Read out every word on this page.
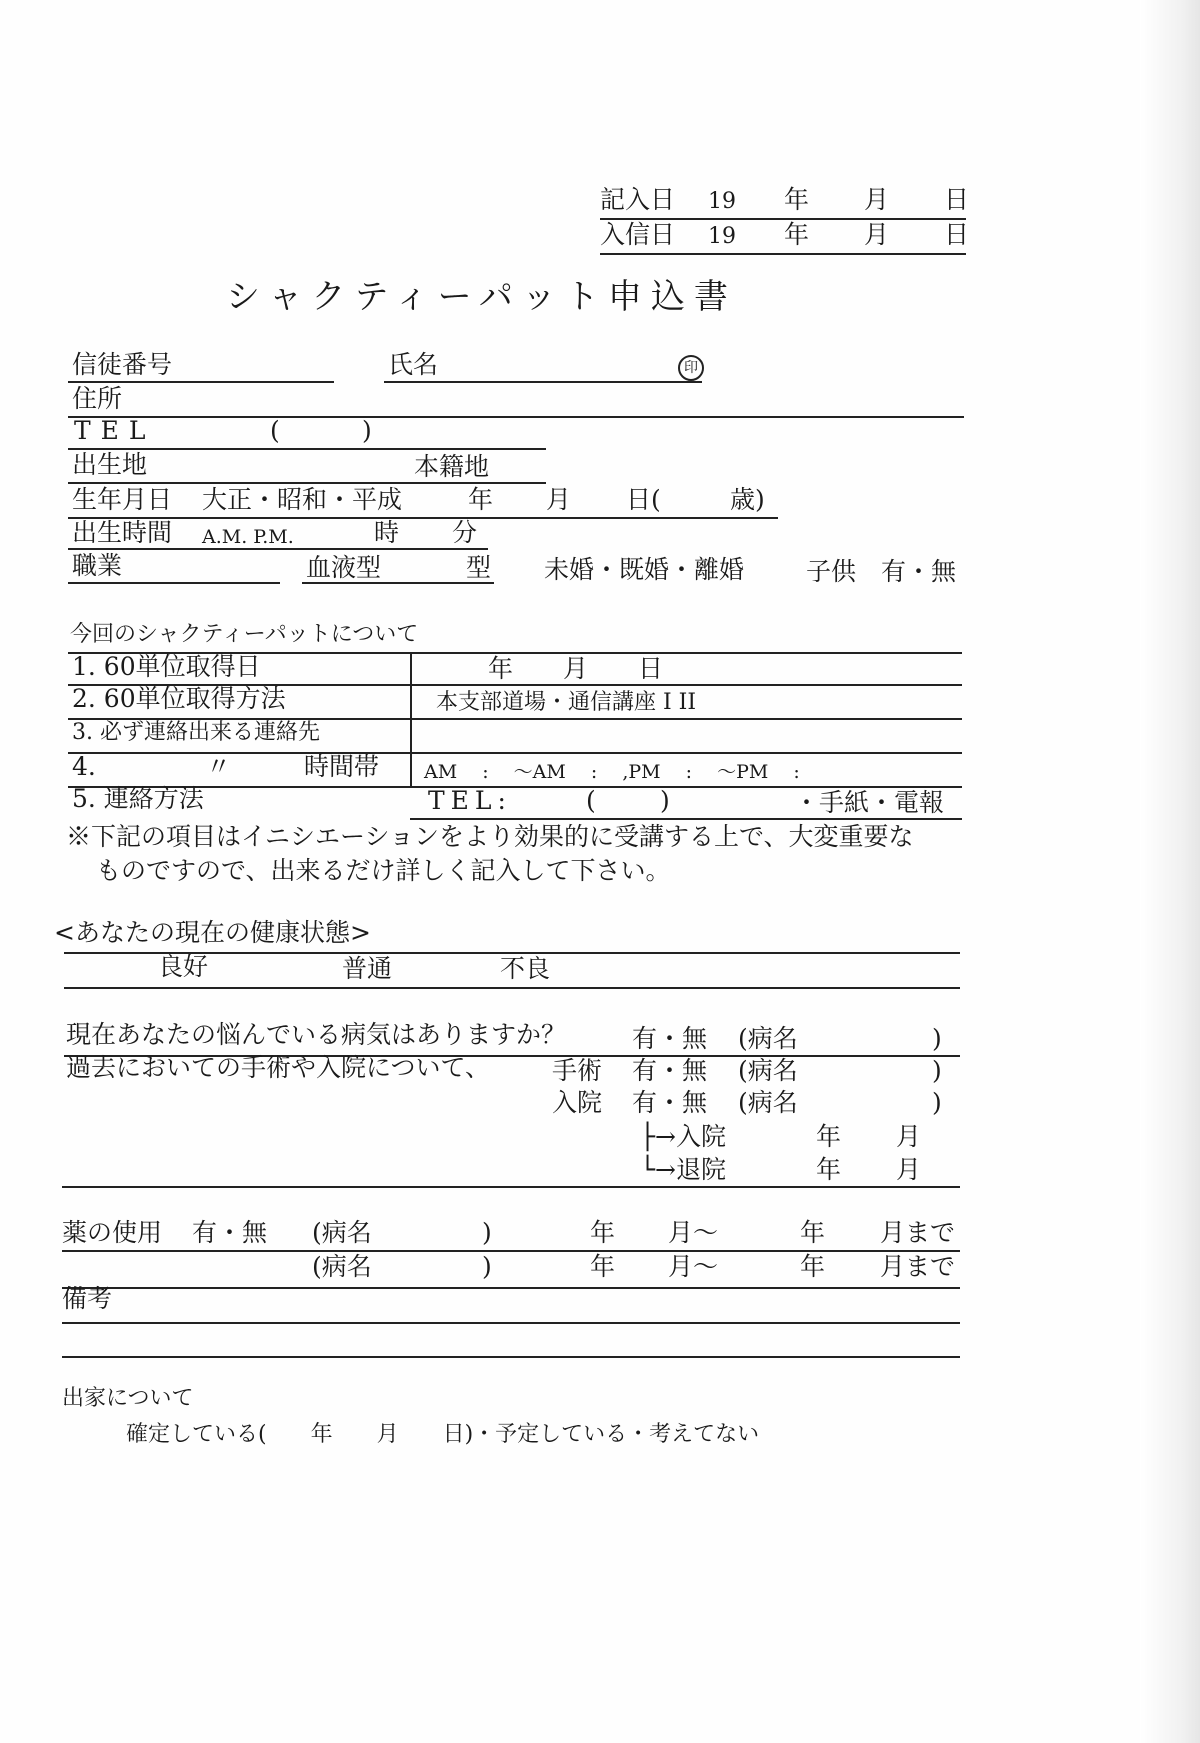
記入日 19 年 月 日
入信日 19 年 月 日
シャクティーパット申込書
信徒番号	氏名	印
住所
TEL	(	)
出生地	本籍地
生年月日 大正・昭和・平成	年 月 日(	歳)
出生時間 A.M. P.M.	時 分
職業	血液型	型 未婚・既婚・離婚 子供　有・無
今回のシャクティーパットについて
1. 60単位取得日	年　　月　　日
2. 60単位取得方法	本支部道場・通信講座 I II
3. 必ず連絡出来る連絡先
4.	〃	時間帯 AM　 :　 ～AM　 :　 ,PM　 :　 ～PM　 :
5. 連絡方法	TEL:	(	)	・手紙・電報
※下記の項目はイニシエーションをより効果的に受講する上で、大変重要な
ものですので、出来るだけ詳しく記入して下さい。
<あなたの現在の健康状態>
良好	普通	不良
現在あなたの悩んでいる病気はありますか？	有・無 (病名	)
過去においての手術や入院について、 手術 有・無 (病名	)
入院 有・無 (病名	)
├→入院	年 月
└→退院	年 月
薬の使用 有・無 (病名	)	年 月～	年 月まで
(病名	)	年 月～	年 月まで
備考
出家について
確定している(　　年　　月　　日)・予定している・考えてない
